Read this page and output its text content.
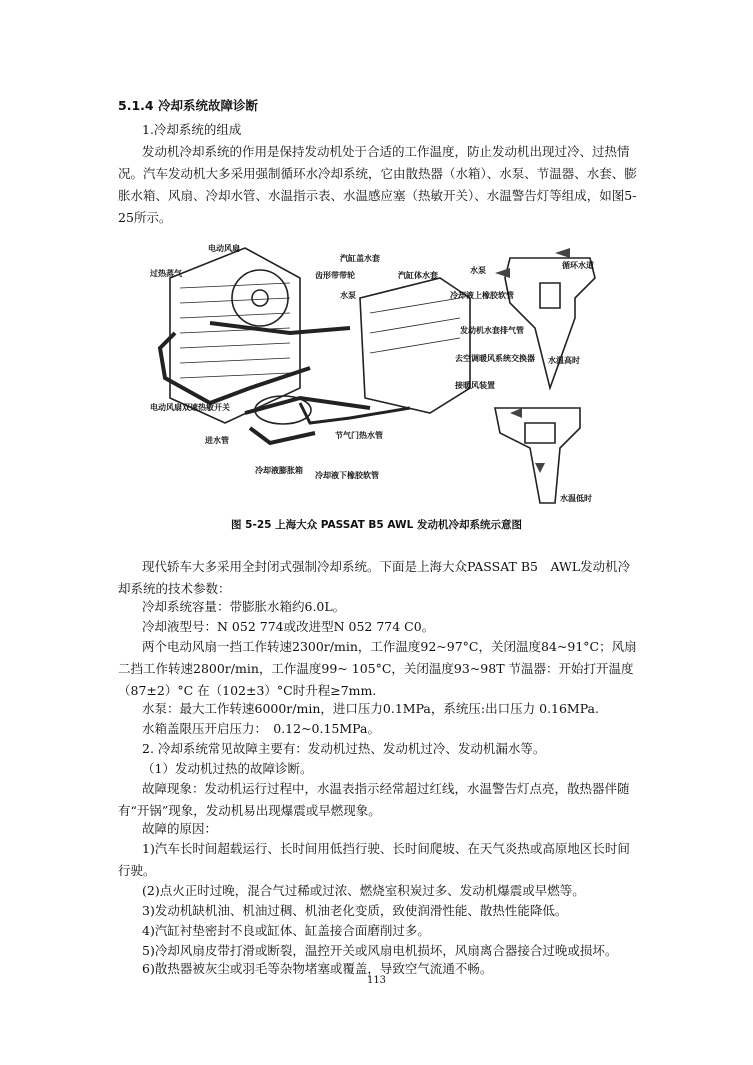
5.1.4 冷却系统故障诊断
1.冷却系统的组成
发动机冷却系统的作用是保持发动机处于合适的工作温度，防止发动机出现过冷、过热情况。汽车发动机大多采用强制循环水冷却系统，它由散热器（水箱）、水泵、节温器、水套、膨胀水箱、风扇、冷却水管、水温指示表、水温感应塞（热敏开关）、水温警告灯等组成，如图5-25所示。
电动风扇
过热蒸气	齿形带带轮
汽缸盖水套
汽缸体水套
水泵	冷却液上橡胶软管
发动机水套排气管
去空调暖风系统交换器
接暖风装置
电动风扇双速热敏开关
进水管
节气门热水管
冷却液膨胀箱
冷却液下橡胶软管
水泵
循环水道
水温高时
水温低时
图 5-25 上海大众 PASSAT B5 AWL 发动机冷却系统示意图
现代轿车大多采用全封闭式强制冷却系统。下面是上海大众PASSAT B5　AWL发动机冷却系统的技术参数：
冷却系统容量：带膨胀水箱约6.0L。
冷却液型号：N 052 774或改进型N 052 774 C0。
两个电动风扇一挡工作转速2300r/min，工作温度92~97°C，关闭温度84~91°C；风扇二挡工作转速2800r/min，工作温度99~ 105°C，关闭温度93~98T 节温器：开始打开温度（87±2）°C 在（102±3）°C时升程≥7mm.
水泵：最大工作转速6000r/min，进口压力0.1MPa，系统压:出口压力 0.16MPa.
水箱盖限压开启压力：　0.12~0.15MPa。
2. 冷却系统常见故障主要有：发动机过热、发动机过冷、发动机漏水等。
（1）发动机过热的故障诊断。
故障现象：发动机运行过程中，水温表指示经常超过红线，水温警告灯点亮，散热器伴随有“开锅”现象，发动机易出现爆震或早燃现象。
故障的原因：
1)汽车长时间超载运行、长时间用低挡行驶、长时间爬坡、在天气炎热或高原地区长时间行驶。
(2)点火正时过晚，混合气过稀或过浓、燃烧室积炭过多、发动机爆震或早燃等。
3)发动机缺机油、机油过稠、机油老化变质，致使润滑性能、散热性能降低。
4)汽缸衬垫密封不良或缸体、缸盖接合面磨削过多。
5)冷却风扇皮带打滑或断裂，温控开关或风扇电机损坏，风扇离合器接合过晚或损坏。
6)散热器被灰尘或羽毛等杂物堵塞或覆盖，导致空气流通不畅。
113
